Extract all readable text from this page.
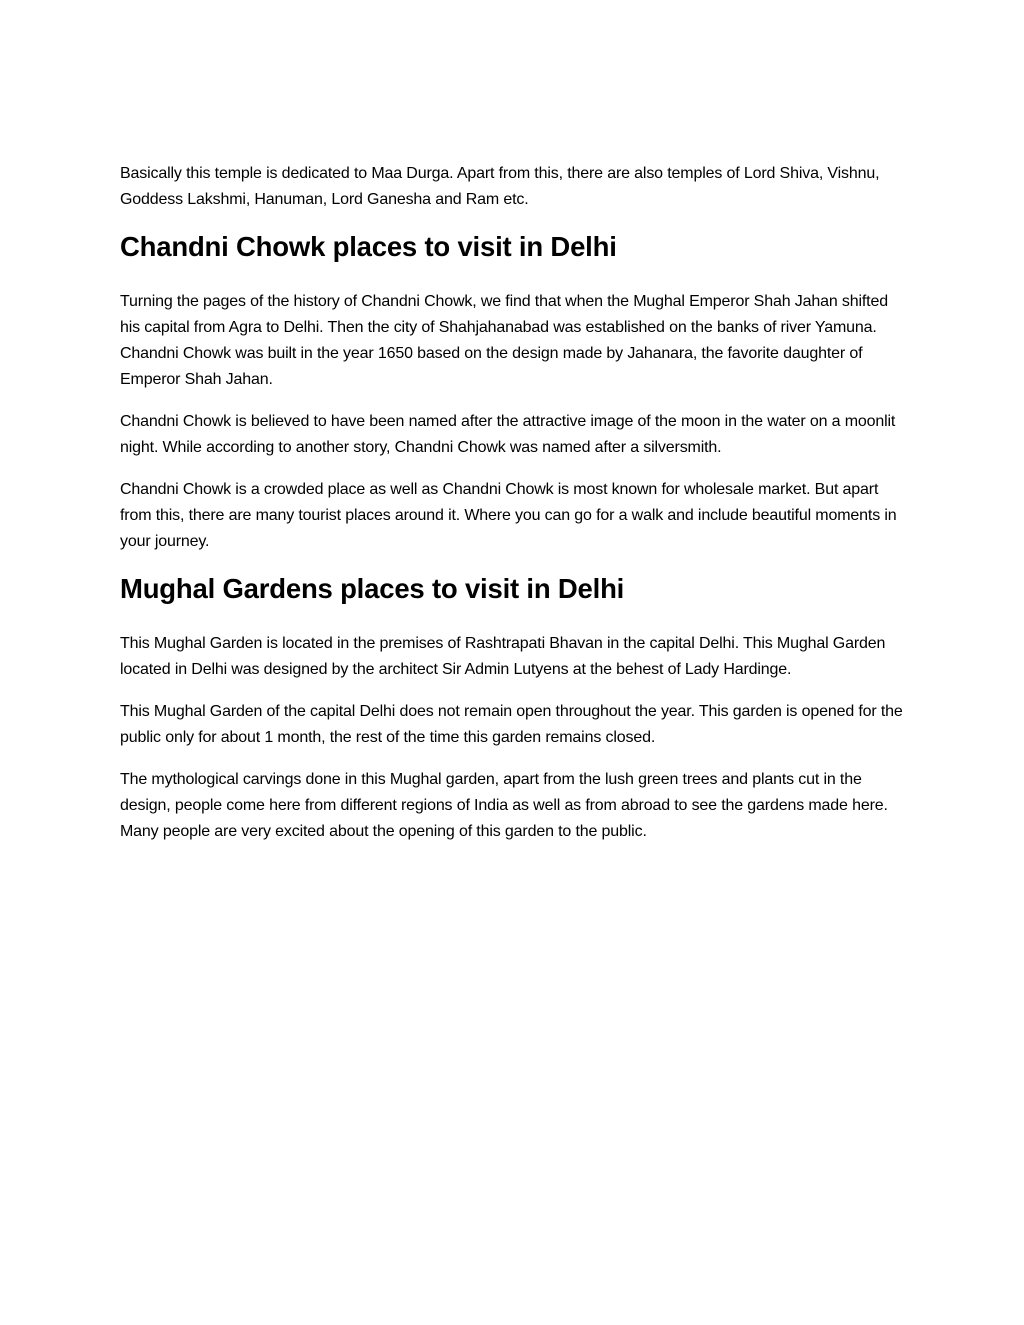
Basically this temple is dedicated to Maa Durga. Apart from this, there are also temples of Lord Shiva, Vishnu, Goddess Lakshmi, Hanuman, Lord Ganesha and Ram etc.

Chandni Chowk places to visit in Delhi

Turning the pages of the history of Chandni Chowk, we find that when the Mughal Emperor Shah Jahan shifted his capital from Agra to Delhi. Then the city of Shahjahanabad was established on the banks of river Yamuna. Chandni Chowk was built in the year 1650 based on the design made by Jahanara, the favorite daughter of Emperor Shah Jahan.

Chandni Chowk is believed to have been named after the attractive image of the moon in the water on a moonlit night. While according to another story, Chandni Chowk was named after a silversmith.

Chandni Chowk is a crowded place as well as Chandni Chowk is most known for wholesale market. But apart from this, there are many tourist places around it. Where you can go for a walk and include beautiful moments in your journey.

Mughal Gardens places to visit in Delhi

This Mughal Garden is located in the premises of Rashtrapati Bhavan in the capital Delhi. This Mughal Garden located in Delhi was designed by the architect Sir Admin Lutyens at the behest of Lady Hardinge.

This Mughal Garden of the capital Delhi does not remain open throughout the year. This garden is opened for the public only for about 1 month, the rest of the time this garden remains closed.

The mythological carvings done in this Mughal garden, apart from the lush green trees and plants cut in the design, people come here from different regions of India as well as from abroad to see the gardens made here. Many people are very excited about the opening of this garden to the public.
